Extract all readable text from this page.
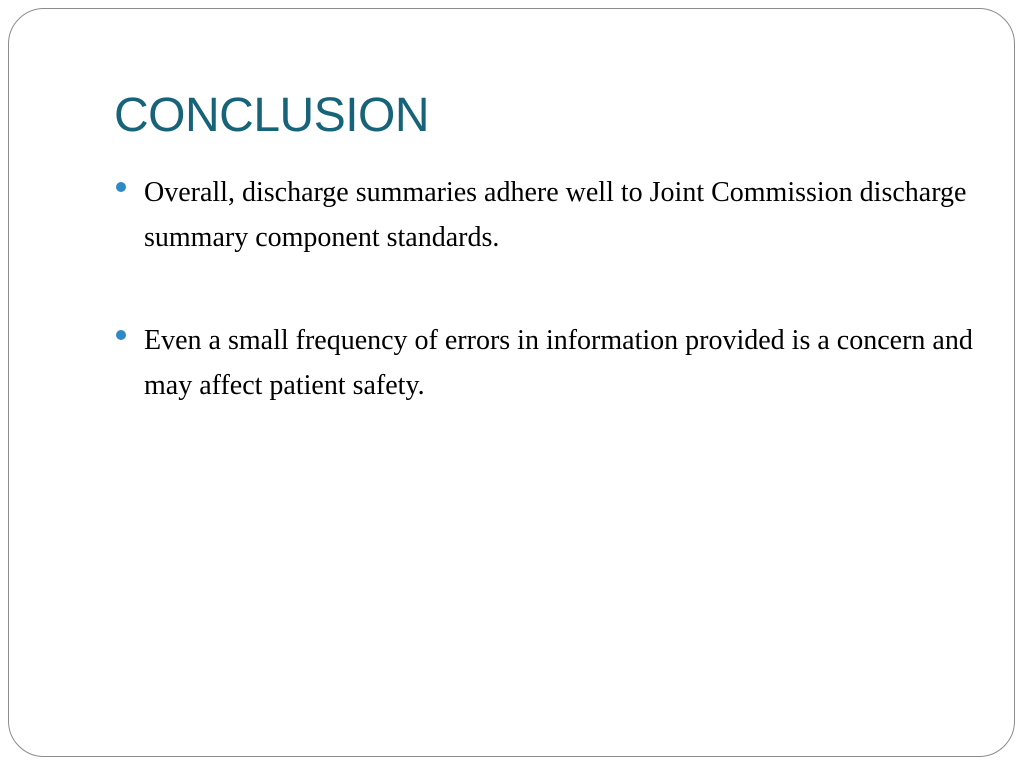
CONCLUSION
Overall, discharge summaries adhere well to Joint Commission discharge summary component standards.
Even a small frequency of errors in information provided is a concern and may affect patient safety.
